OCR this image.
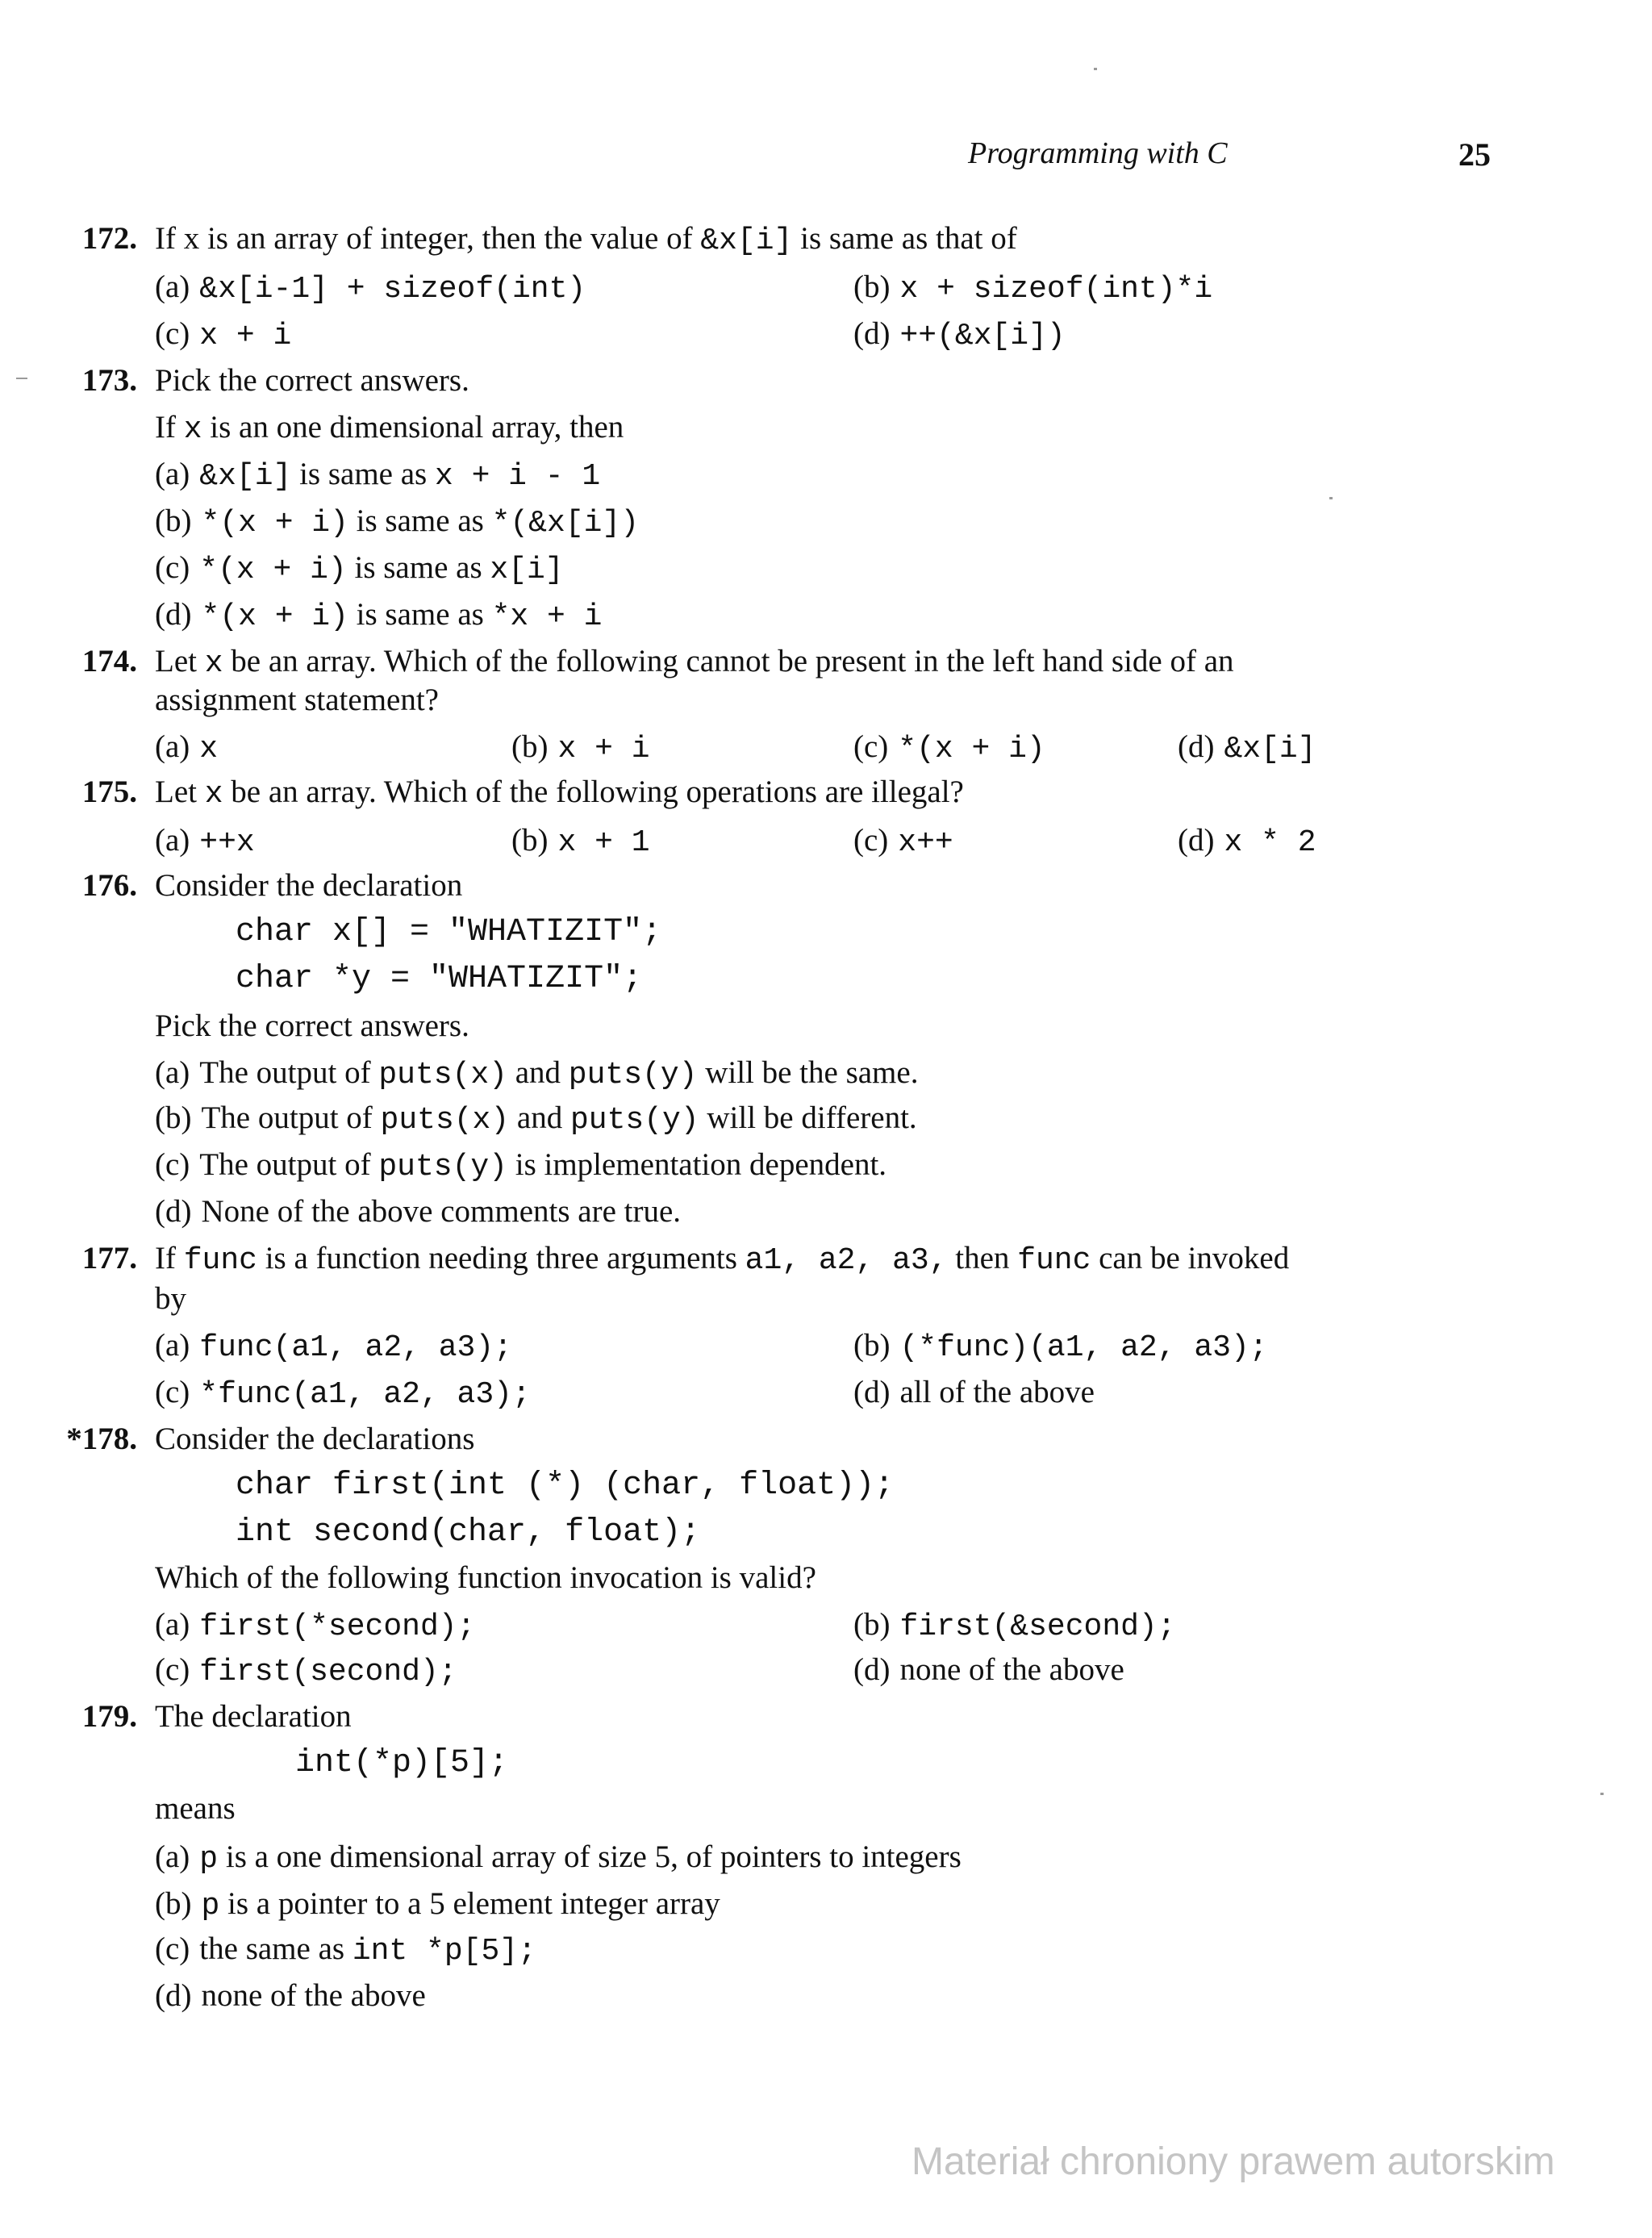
Programming with C	25
172. If x is an array of integer, then the value of &x[i] is same as that of
(a) &x[i-1] + sizeof(int)	(b) x + sizeof(int)*i
(c) x + i	(d) ++(&x[i])
173. Pick the correct answers.
If x is an one dimensional array, then
(a) &x[i] is same as x + i - 1
(b) *(x + i) is same as *(&x[i])
(c) *(x + i) is same as x[i]
(d) *(x + i) is same as *x + i
174. Let x be an array. Which of the following cannot be present in the left hand side of an
assignment statement?
(a) x	(b) x + i	(c) *(x + i)	(d) &x[i]
175. Let x be an array. Which of the following operations are illegal?
(a) ++x	(b) x + 1	(c) x++	(d) x * 2
176. Consider the declaration
char x[] = "WHATIZIT";
char *y = "WHATIZIT";
Pick the correct answers.
(a) The output of puts(x) and puts(y) will be the same.
(b) The output of puts(x) and puts(y) will be different.
(c) The output of puts(y) is implementation dependent.
(d) None of the above comments are true.
177. If func is a function needing three arguments a1, a2, a3, then func can be invoked
by
(a) func(a1, a2, a3);	(b) (*func)(a1, a2, a3);
(c) *func(a1, a2, a3);	(d) all of the above
*178. Consider the declarations
char first(int (*) (char, float));
int second(char, float);
Which of the following function invocation is valid?
(a) first(*second);	(b) first(&second);
(c) first(second);	(d) none of the above
179. The declaration
int(*p)[5];
means
(a) p is a one dimensional array of size 5, of pointers to integers
(b) p is a pointer to a 5 element integer array
(c) the same as int *p[5];
(d) none of the above
Materiał chroniony prawem autorskim
